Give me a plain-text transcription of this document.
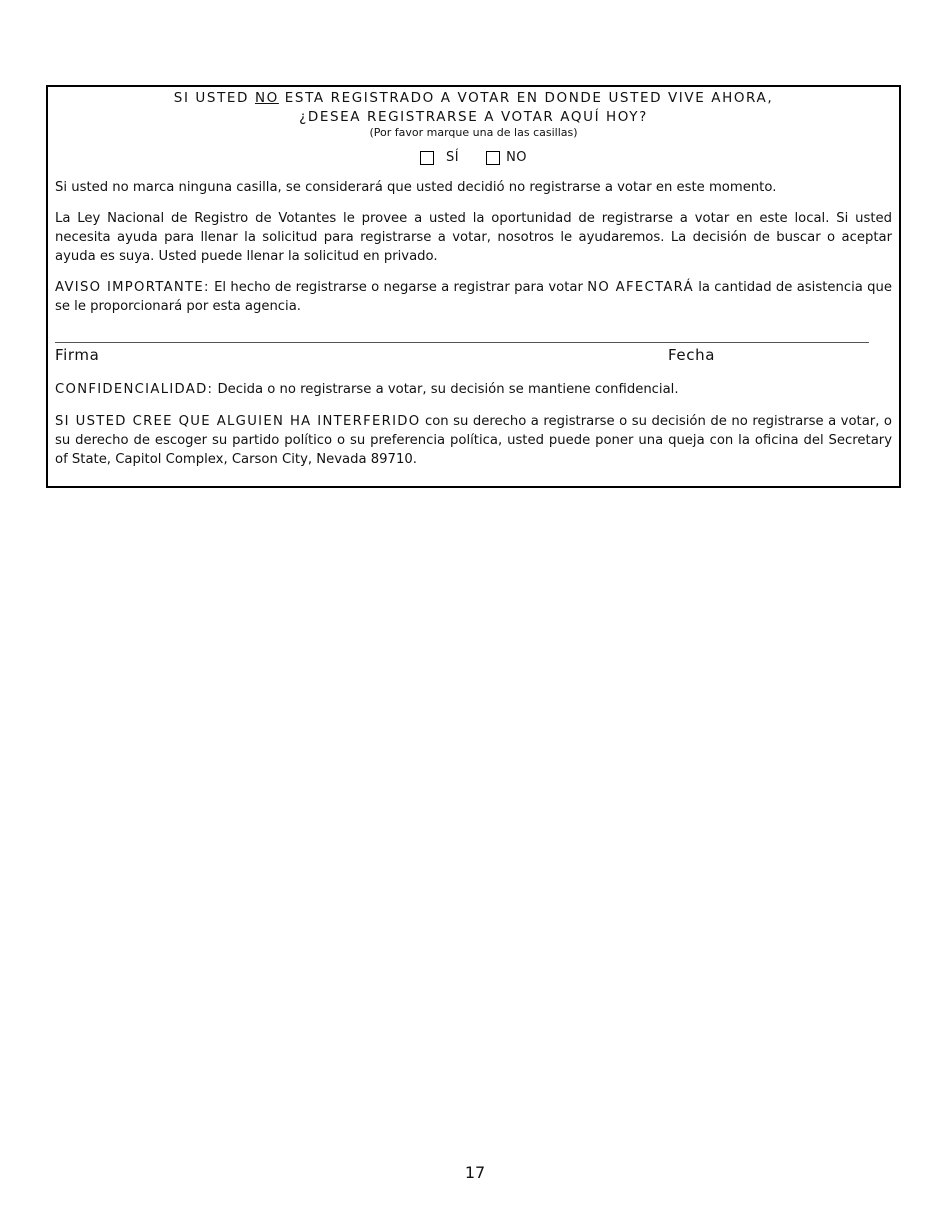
SI USTED NO ESTA REGISTRADO A VOTAR EN DONDE USTED VIVE AHORA,
¿DESEA REGISTRARSE A VOTAR AQUÍ HOY?
(Por favor marque una de las casillas)
SÍ	NO

Si usted no marca ninguna casilla, se considerará que usted decidió no registrarse a votar en este momento.

La Ley Nacional de Registro de Votantes le provee a usted la oportunidad de registrarse a votar en este local. Si usted necesita ayuda para llenar la solicitud para registrarse a votar, nosotros le ayudaremos. La decisión de buscar o aceptar ayuda es suya. Usted puede llenar la solicitud en privado.

AVISO IMPORTANTE: El hecho de registrarse o negarse a registrar para votar NO AFECTARÁ la cantidad de asistencia que se le proporcionará por esta agencia.

Firma	Fecha

CONFIDENCIALIDAD: Decida o no registrarse a votar, su decisión se mantiene confidencial.

SI USTED CREE QUE ALGUIEN HA INTERFERIDO con su derecho a registrarse o su decisión de no registrarse a votar, o su derecho de escoger su partido político o su preferencia política, usted puede poner una queja con la oficina del Secretary of State, Capitol Complex, Carson City, Nevada 89710.

17
